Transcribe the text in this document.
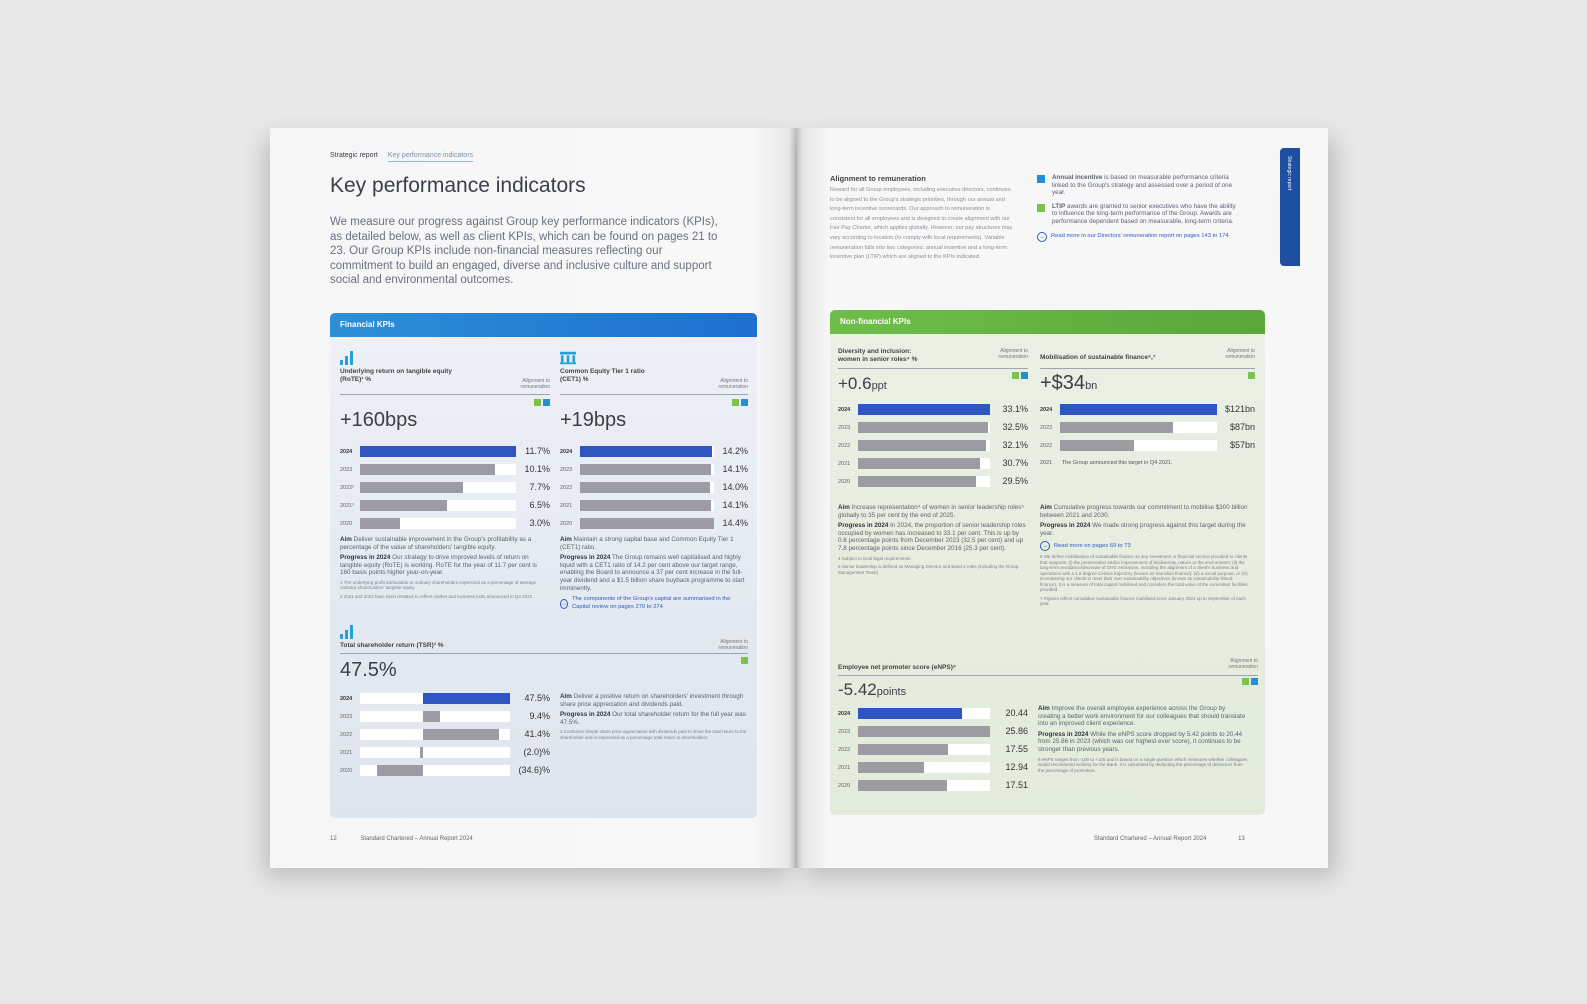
Strategic report Key performance indicators
Key performance indicators
We measure our progress against Group key performance indicators (KPIs), as detailed below, as well as client KPIs, which can be found on pages 21 to 23. Our Group KPIs include non-financial measures reflecting our commitment to build an engaged, diverse and inclusive culture and support social and environmental outcomes.
Financial KPIs
Underlying return on tangible equity (RoTE)¹ %	Alignment to remuneration
+160bps
2024	11.7%
2023	10.1%
2022²	7.7%
2021²	6.5%
2020	3.0%
Aim Deliver sustainable improvement in the Group's profitability as a percentage of the value of shareholders' tangible equity.
Progress in 2024 Our strategy to drive improved levels of return on tangible equity (RoTE) is working. RoTE for the year of 11.7 per cent is 160 basis points higher year-on-year.
1 The underlying profit attributable to ordinary shareholders expressed as a percentage of average ordinary shareholders' tangible equity
2 2021 and 2022 have been restated to reflect market and business exits announced in Q4 2022
Common Equity Tier 1 ratio (CET1) %	Alignment to remuneration
+19bps
2024	14.2%
2023	14.1%
2022	14.0%
2021	14.1%
2020	14.4%
Aim Maintain a strong capital base and Common Equity Tier 1 (CET1) ratio.
Progress in 2024 The Group remains well capitalised and highly liquid with a CET1 ratio of 14.2 per cent above our target range, enabling the Board to announce a 37 per cent increase in the full-year dividend and a $1.5 billion share buyback programme to start imminently.
→
The components of the Group's capital are summarised in the Capital review on pages 270 to 274
Total shareholder return (TSR)³ %	Alignment to remuneration
47.5%
2024	47.5%
2023	9.4%
2022	41.4%
2021	(2.0)%
2020	(34.6)%
Aim Deliver a positive return on shareholders' investment through share price appreciation and dividends paid.
Progress in 2024 Our total shareholder return for the full year was 47.5%.
3 Combines simple share price appreciation with dividends paid to show the total return to the shareholder and is expressed as a percentage total return to shareholders
12	Standard Chartered – Annual Report 2024
Strategic report
Alignment to remuneration
Reward for all Group employees, including executive directors, continues to be aligned to the Group's strategic priorities, through our annual and long-term incentive scorecards. Our approach to remuneration is consistent for all employees and is designed to create alignment with our Fair Pay Charter, which applies globally. However, our pay structures may vary according to location (to comply with local requirements). Variable remuneration falls into two categories: annual incentive and a long-term incentive plan (LTIP) which are aligned to the KPIs indicated.
Annual incentive is based on measurable performance criteria linked to the Group's strategy and assessed over a period of one year.
LTIP awards are granted to senior executives who have the ability to influence the long-term performance of the Group. Awards are performance dependent based on measurable, long-term criteria.
→	Read more in our Directors' remuneration report on pages 143 to 174
Non-financial KPIs
Diversity and inclusion: women in senior roles⁴ %
Alignment to remuneration
+0.6ppt
2024	33.1%
2023	32.5%
2022	32.1%
2021	30.7%
2020	29.5%
Aim Increase representation⁴ of women in senior leadership roles⁵ globally to 35 per cent by the end of 2025.
Progress in 2024 In 2024, the proportion of senior leadership roles occupied by women has increased to 33.1 per cent. This is up by 0.6 percentage points from December 2023 (32.5 per cent) and up 7.8 percentage points since December 2016 (25.3 per cent).
4 Subject to local legal requirements
5 Senior leadership is defined as Managing Director and Band 4 roles (including the Group Management Team)
Mobilisation of sustainable finance⁶,⁷
Alignment to remuneration
+$34bn
2024	$121bn
2023	$87bn
2022	$57bn
2021 The Group announced this target in Q4 2021.
Aim Cumulative progress towards our commitment to mobilise $300 billion between 2021 and 2030.
Progress in 2024 We made strong progress against this target during the year.
→	Read more on pages 69 to 73
6 We define mobilisation of sustainable finance as any investment or financial service provided to clients that supports: (i) the preservation and/or improvement of biodiversity, nature or the environment; (ii) the long-term avoidance/decrease of GHG emissions, including the alignment of a client's business and operations with a 1.5 degree Celsius trajectory (known as transition finance); (iii) a social purpose; or (iv) incentivising our clients to meet their own sustainability objectives (known as sustainability-linked finance). It is a measure of total capital mobilised and considers the total value of the committed facilities provided.
7 Figures reflect cumulative sustainable finance mobilised since January 2021 up to September of each year.
Employee net promoter score (eNPS)⁸
Alignment to remuneration
-5.42points
2024	20.44
2023	25.86
2022	17.55
2021	12.94
2020	17.51
Aim Improve the overall employee experience across the Group by creating a better work environment for our colleagues that should translate into an improved client experience.
Progress in 2024 While the eNPS score dropped by 5.42 points to 20.44 from 25.86 in 2023 (which was our highest ever score), it continues to be stronger than previous years.
8 eNPS ranges from -100 to +100 and is based on a single question which measures whether colleagues would recommend working for the Bank. It is calculated by deducting the percentage of detractors from the percentage of promoters.
Standard Chartered – Annual Report 2024	13
